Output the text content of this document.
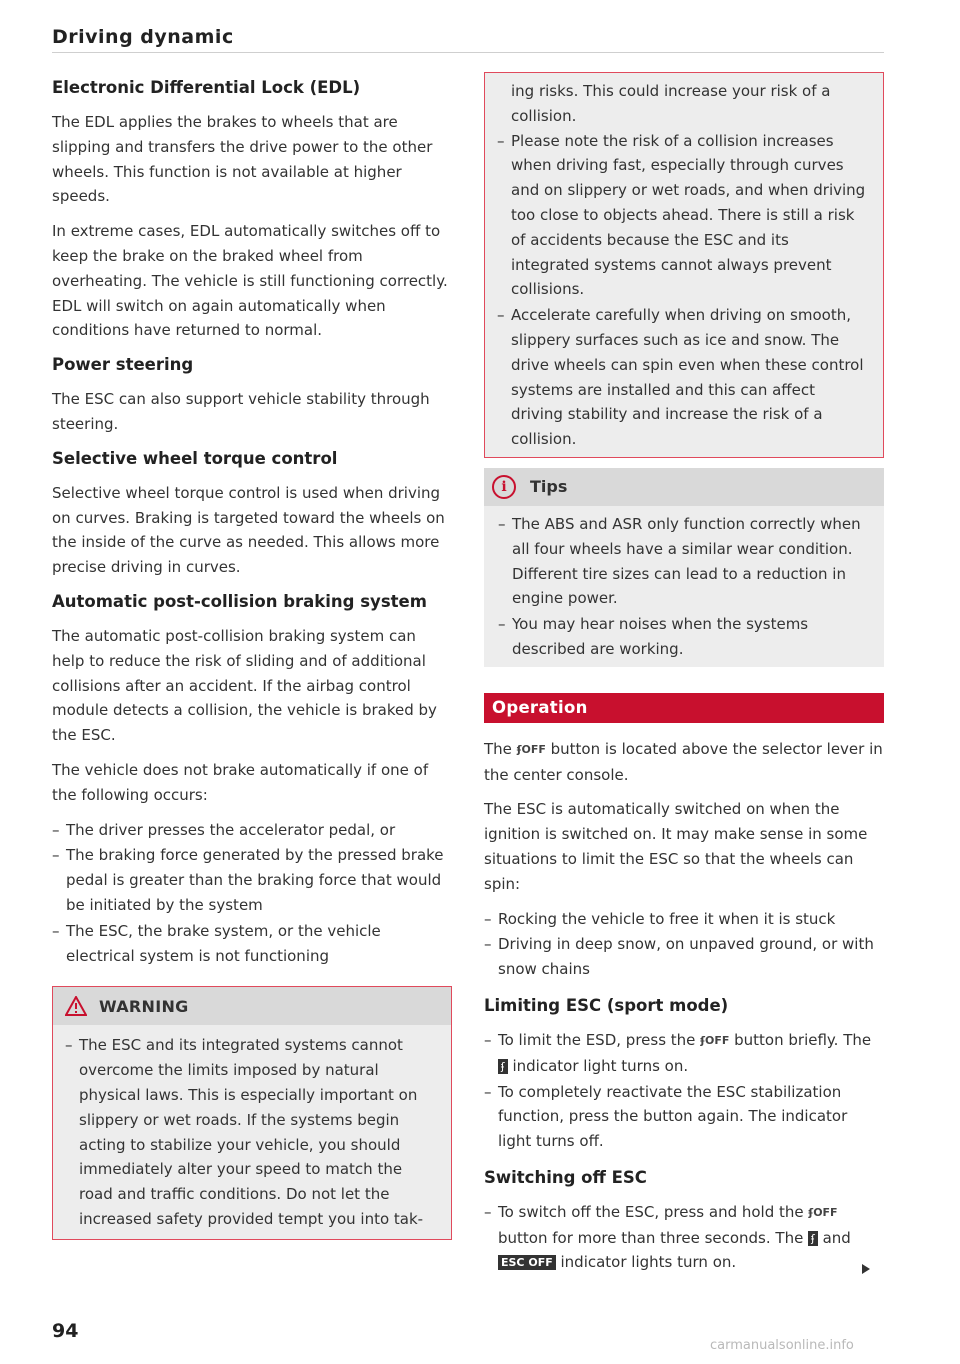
Driving dynamic
Electronic Differential Lock (EDL)
The EDL applies the brakes to wheels that are slipping and transfers the drive power to the other wheels. This function is not available at higher speeds.
In extreme cases, EDL automatically switches off to keep the brake on the braked wheel from overheating. The vehicle is still functioning correctly. EDL will switch on again automatically when conditions have returned to normal.
Power steering
The ESC can also support vehicle stability through steering.
Selective wheel torque control
Selective wheel torque control is used when driving on curves. Braking is targeted toward the wheels on the inside of the curve as needed. This allows more precise driving in curves.
Automatic post-collision braking system
The automatic post-collision braking system can help to reduce the risk of sliding and of additional collisions after an accident. If the airbag control module detects a collision, the vehicle is braked by the ESC.
The vehicle does not brake automatically if one of the following occurs:
– The driver presses the accelerator pedal, or
– The braking force generated by the pressed brake pedal is greater than the braking force that would be initiated by the system
– The ESC, the brake system, or the vehicle electrical system is not functioning
WARNING
– The ESC and its integrated systems cannot overcome the limits imposed by natural physical laws. This is especially important on slippery or wet roads. If the systems begin acting to stabilize your vehicle, you should immediately alter your speed to match the road and traffic conditions. Do not let the increased safety provided tempt you into tak-
ing risks. This could increase your risk of a collision.
– Please note the risk of a collision increases when driving fast, especially through curves and on slippery or wet roads, and when driving too close to objects ahead. There is still a risk of accidents because the ESC and its integrated systems cannot always prevent collisions.
– Accelerate carefully when driving on smooth, slippery surfaces such as ice and snow. The drive wheels can spin even when these control systems are installed and this can affect driving stability and increase the risk of a collision.
i	Tips
– The ABS and ASR only function correctly when all four wheels have a similar wear condition. Different tire sizes can lead to a reduction in engine power.
– You may hear noises when the systems described are working.
Operation
The ʄOFF button is located above the selector lever in the center console.
The ESC is automatically switched on when the ignition is switched on. It may make sense in some situations to limit the ESC so that the wheels can spin:
– Rocking the vehicle to free it when it is stuck
– Driving in deep snow, on unpaved ground, or with snow chains
Limiting ESC (sport mode)
– To limit the ESD, press the ʄOFF button briefly. The ʄ indicator light turns on.
– To completely reactivate the ESC stabilization function, press the button again. The indicator light turns off.
Switching off ESC
– To switch off the ESC, press and hold the ʄOFF button for more than three seconds. The ʄ and ESC OFF indicator lights turn on.
94
carmanualsonline.info
